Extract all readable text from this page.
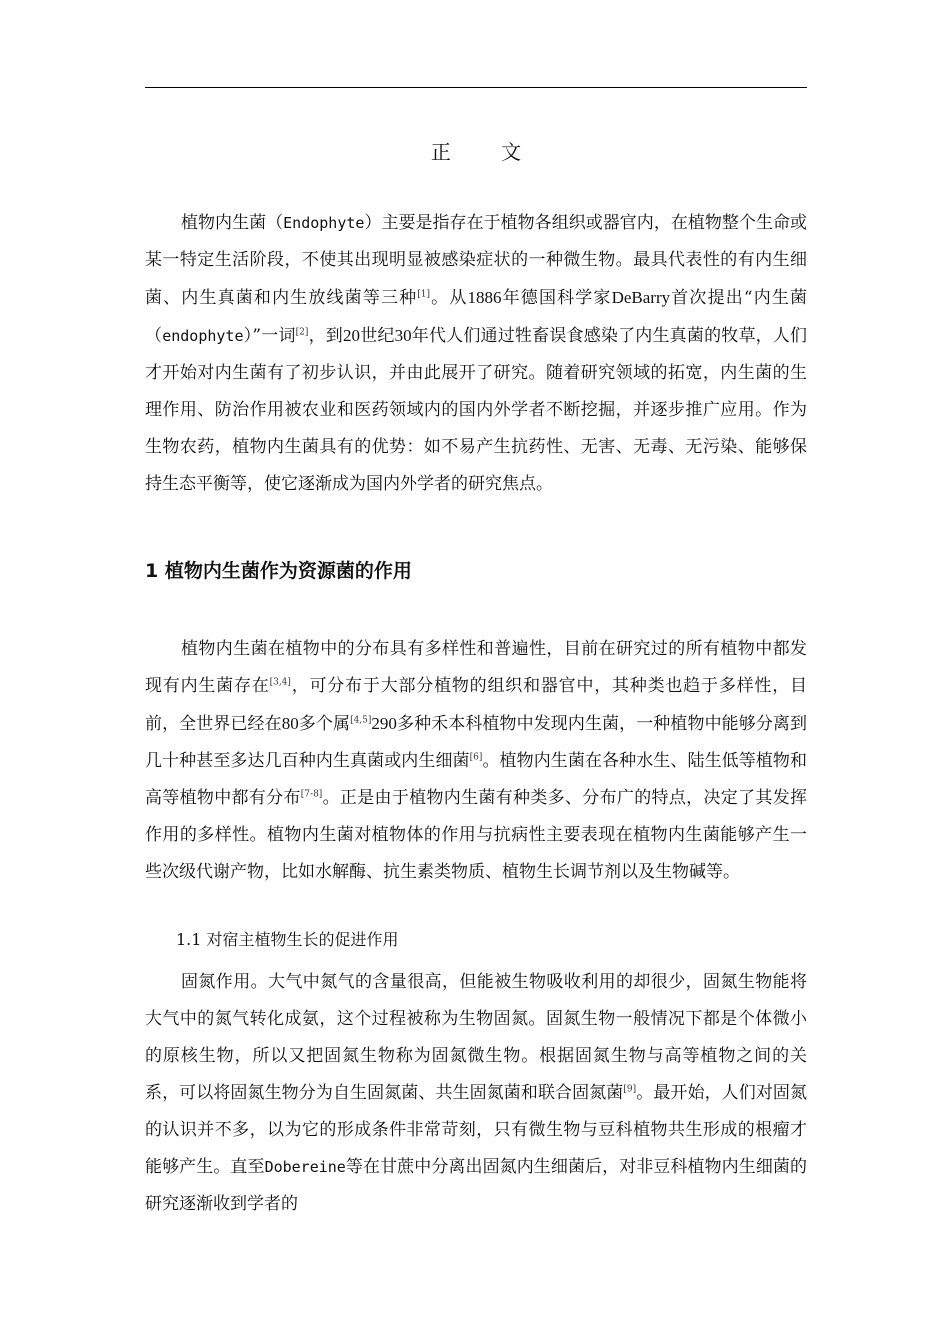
正 文

植物内生菌（Endophyte）主要是指存在于植物各组织或器官内，在植物整个生命或某一特定生活阶段，不使其出现明显被感染症状的一种微生物。最具代表性的有内生细菌、内生真菌和内生放线菌等三种[1]。从1886年德国科学家DeBarry首次提出“内生菌（endophyte）”一词[2]，到20世纪30年代人们通过牲畜误食感染了内生真菌的牧草，人们才开始对内生菌有了初步认识，并由此展开了研究。随着研究领域的拓宽，内生菌的生理作用、防治作用被农业和医药领域内的国内外学者不断挖掘，并逐步推广应用。作为生物农药，植物内生菌具有的优势：如不易产生抗药性、无害、无毒、无污染、能够保持生态平衡等，使它逐渐成为国内外学者的研究焦点。

1 植物内生菌作为资源菌的作用

植物内生菌在植物中的分布具有多样性和普遍性，目前在研究过的所有植物中都发现有内生菌存在[3,4]，可分布于大部分植物的组织和器官中，其种类也趋于多样性，目前，全世界已经在80多个属[4,5]290多种禾本科植物中发现内生菌，一种植物中能够分离到几十种甚至多达几百种内生真菌或内生细菌[6]。植物内生菌在各种水生、陆生低等植物和高等植物中都有分布[7-8]。正是由于植物内生菌有种类多、分布广的特点，决定了其发挥作用的多样性。植物内生菌对植物体的作用与抗病性主要表现在植物内生菌能够产生一些次级代谢产物，比如水解酶、抗生素类物质、植物生长调节剂以及生物碱等。

1.1 对宿主植物生长的促进作用

固氮作用。大气中氮气的含量很高，但能被生物吸收利用的却很少，固氮生物能将大气中的氮气转化成氨，这个过程被称为生物固氮。固氮生物一般情况下都是个体微小的原核生物，所以又把固氮生物称为固氮微生物。根据固氮生物与高等植物之间的关系，可以将固氮生物分为自生固氮菌、共生固氮菌和联合固氮菌[9]。最开始，人们对固氮的认识并不多，以为它的形成条件非常苛刻，只有微生物与豆科植物共生形成的根瘤才能够产生。直至Dobereine等在甘蔗中分离出固氮内生细菌后，对非豆科植物内生细菌的研究逐渐收到学者的
